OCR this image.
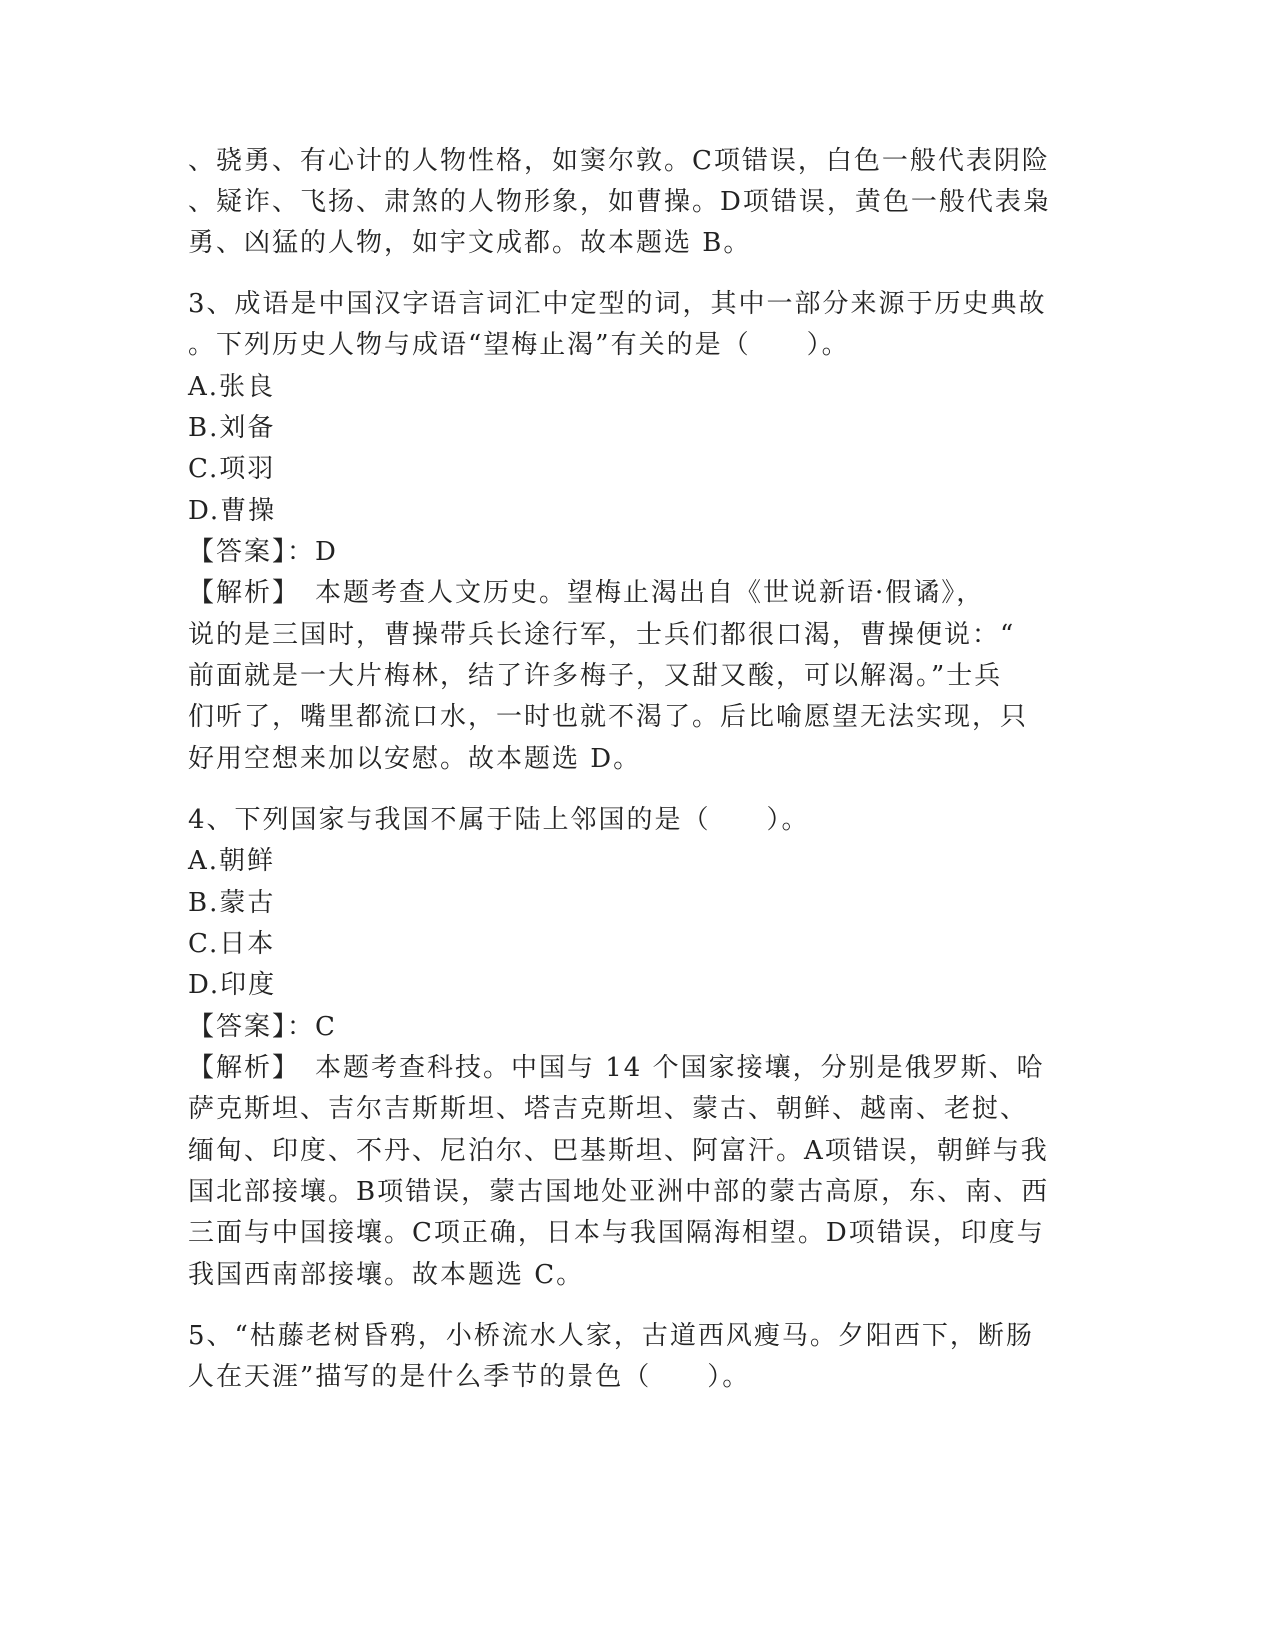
、骁勇、有心计的人物性格，如窦尔敦。C项错误，白色一般代表阴险
、疑诈、飞扬、肃煞的人物形象，如曹操。D项错误，黄色一般代表枭
勇、凶猛的人物，如宇文成都。故本题选 B。
3、成语是中国汉字语言词汇中定型的词，其中一部分来源于历史典故
。下列历史人物与成语“望梅止渴”有关的是（　　）。
A.张良
B.刘备
C.项羽
D.曹操
【答案】：D
【解析】　本题考查人文历史。望梅止渴出自《世说新语·假谲》，
说的是三国时，曹操带兵长途行军，士兵们都很口渴，曹操便说：“
前面就是一大片梅林，结了许多梅子，又甜又酸，可以解渴。”士兵
们听了，嘴里都流口水，一时也就不渴了。后比喻愿望无法实现，只
好用空想来加以安慰。故本题选 D。
4、下列国家与我国不属于陆上邻国的是（　　）。
A.朝鲜
B.蒙古
C.日本
D.印度
【答案】：C
【解析】　本题考查科技。中国与 14 个国家接壤，分别是俄罗斯、哈
萨克斯坦、吉尔吉斯斯坦、塔吉克斯坦、蒙古、朝鲜、越南、老挝、
缅甸、印度、不丹、尼泊尔、巴基斯坦、阿富汗。A项错误，朝鲜与我
国北部接壤。B项错误，蒙古国地处亚洲中部的蒙古高原，东、南、西
三面与中国接壤。C项正确，日本与我国隔海相望。D项错误，印度与
我国西南部接壤。故本题选 C。
5、“枯藤老树昏鸦，小桥流水人家，古道西风瘦马。夕阳西下，断肠
人在天涯”描写的是什么季节的景色（　　）。
